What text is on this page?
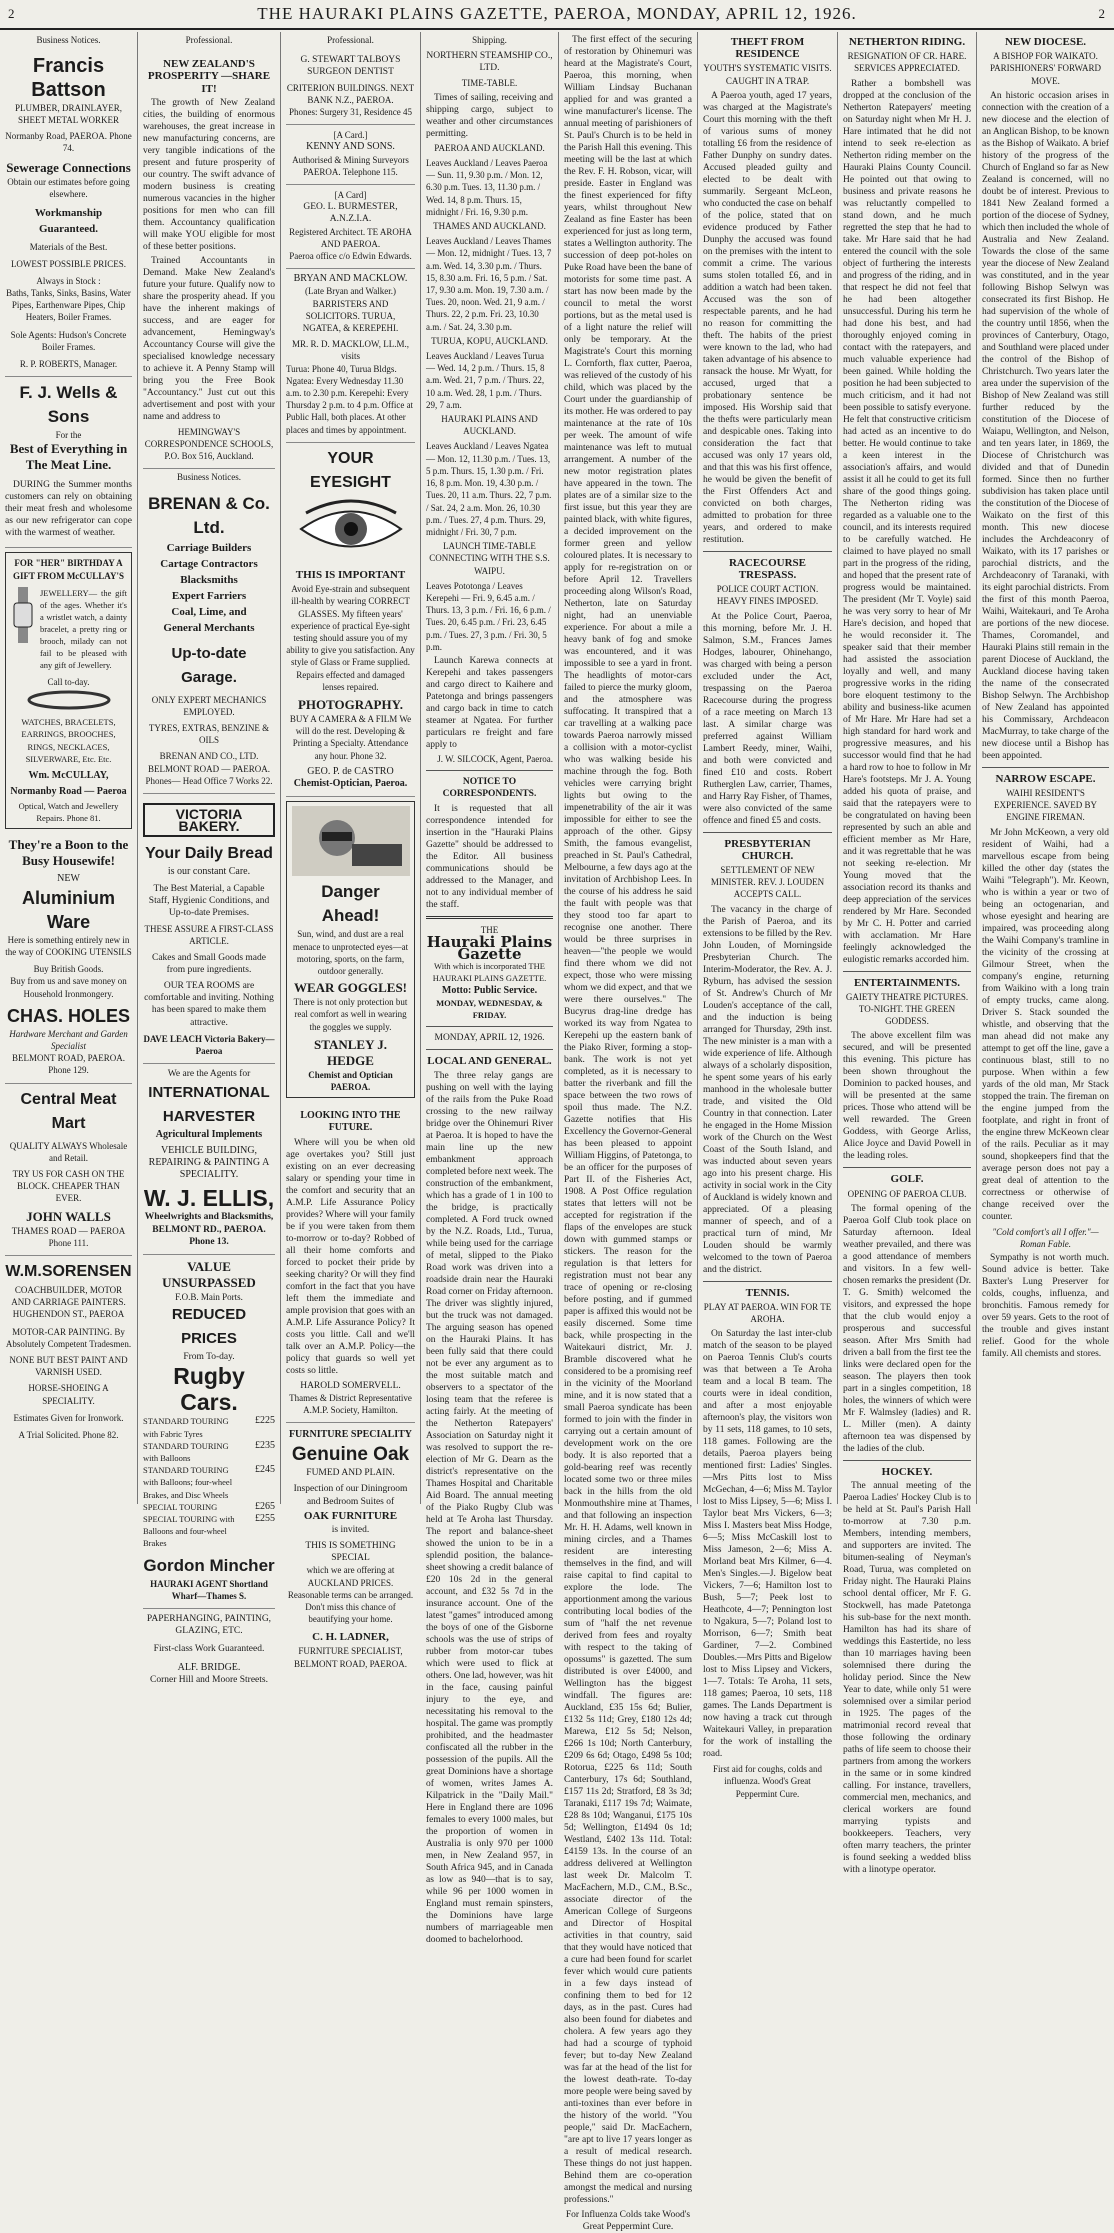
2	THE HAURAKI PLAINS GAZETTE, PAEROA, MONDAY, APRIL 12, 1926.	2
Business Notices.
Francis Battson
PLUMBER, DRAINLAYER, SHEET METAL WORKER
Normanby Road, PAEROA. Phone 74.
Sewerage Connections
Obtain our estimates before going elsewhere.
Workmanship Guaranteed.
Materials of the Best.
LOWEST POSSIBLE PRICES.
Always in Stock :
Baths, Tanks, Sinks, Basins, Water Pipes, Earthenware Pipes, Chip Heaters, Boiler Frames.
Sole Agents: Hudson's Concrete Boiler Frames.
R. P. ROBERTS, Manager.
F. J. Wells & Sons
For the
Best of Everything in The Meat Line.
DURING the Summer months customers can rely on obtaining their meat fresh and wholesome as our new refrigerator can cope with the warmest of weather.
FOR "HER" BIRTHDAY A GIFT FROM McCULLAY'S
JEWELLERY— the gift of the ages. Whether it's a wristlet watch, a dainty bracelet, a pretty ring or brooch, milady can not fail to be pleased with any gift of Jewellery.
Call to-day.
WATCHES, BRACELETS, EARRINGS, BROOCHES, RINGS, NECKLACES, SILVERWARE, Etc. Etc.
Wm. McCULLAY, Normanby Road — Paeroa
Optical, Watch and Jewellery Repairs. Phone 81.
They're a Boon to the Busy Housewife!
NEW
Aluminium Ware
Here is something entirely new in the way of COOKING UTENSILS
Buy British Goods.
Buy from us and save money on Household Ironmongery.
CHAS. HOLES
Hardware Merchant and Garden Specialist
BELMONT ROAD, PAEROA. Phone 129.
Central Meat Mart
QUALITY ALWAYS Wholesale and Retail.
TRY US FOR CASH ON THE BLOCK. CHEAPER THAN EVER.
JOHN WALLS
THAMES ROAD — PAEROA Phone 111.
W.M.SORENSEN
COACHBUILDER, MOTOR AND CARRIAGE PAINTERS. HUGHENDON ST., PAEROA
MOTOR-CAR PAINTING. By Absolutely Competent Tradesmen.
NONE BUT BEST PAINT AND VARNISH USED.
HORSE-SHOEING A SPECIALITY.
Estimates Given for Ironwork.
A Trial Solicited. Phone 82.
Professional.
NEW ZEALAND'S PROSPERITY —SHARE IT!
The growth of New Zealand cities, the building of enormous warehouses, the great increase in new manufacturing concerns, are very tangible indications of the present and future prosperity of our country. The swift advance of modern business is creating numerous vacancies in the higher positions for men who can fill them. Accountancy qualification will make YOU eligible for most of these better positions.
Trained Accountants in Demand. Make New Zealand's future your future. Qualify now to share the prosperity ahead. If you have the inherent makings of success, and are eager for advancement, Hemingway's Accountancy Course will give the specialised knowledge necessary to achieve it. A Penny Stamp will bring you the Free Book "Accountancy." Just cut out this advertisement and post with your name and address to
HEMINGWAY'S CORRESPONDENCE SCHOOLS, P.O. Box 516, Auckland.
Business Notices.
BRENAN & Co. Ltd.
Carriage Builders
Cartage Contractors
Blacksmiths
Expert Farriers
Coal, Lime, and
General Merchants
Up-to-date Garage.
ONLY EXPERT MECHANICS EMPLOYED.
TYRES, EXTRAS, BENZINE & OILS
BRENAN AND CO., LTD. BELMONT ROAD — PAEROA.
Phones— Head Office 7 Works 22.
VICTORIA BAKERY.
Your Daily Bread
is our constant Care.
The Best Material, a Capable Staff, Hygienic Conditions, and Up-to-date Premises.
THESE ASSURE A FIRST-CLASS ARTICLE.
Cakes and Small Goods made from pure ingredients.
OUR TEA ROOMS are comfortable and inviting. Nothing has been spared to make them attractive.
DAVE LEACH Victoria Bakery—Paeroa
We are the Agents for
INTERNATIONAL HARVESTER
Agricultural Implements
VEHICLE BUILDING, REPAIRING & PAINTING A SPECIALITY.
W. J. ELLIS,
Wheelwrights and Blacksmiths,
BELMONT RD., PAEROA. Phone 13.
VALUE UNSURPASSED
F.O.B. Main Ports.
REDUCED PRICES
From To-day.
Rugby Cars.
STANDARD TOURING with Fabric Tyres
£225
STANDARD TOURING with Balloons
£235
STANDARD TOURING with Balloons; four-wheel Brakes, and Disc Wheels
£245
SPECIAL TOURING	£265
SPECIAL TOURING with Balloons and four-wheel Brakes
£255
Gordon Mincher
HAURAKI AGENT Shortland Wharf—Thames S.
PAPERHANGING, PAINTING, GLAZING, ETC.
First-class Work Guaranteed.
ALF. BRIDGE.
Corner Hill and Moore Streets.
Professional.
G. STEWART TALBOYS SURGEON DENTIST
CRITERION BUILDINGS. NEXT BANK N.Z., PAEROA.
Phones: Surgery 31, Residence 45
[A Card.]
KENNY AND SONS.
Authorised & Mining Surveyors PAEROA. Telephone 115.
[A Card]
GEO. L. BURMESTER, A.N.Z.I.A.
Registered Architect. TE AROHA AND PAEROA.
Paeroa office c/o Edwin Edwards.
BRYAN AND MACKLOW.
(Late Bryan and Walker.) BARRISTERS AND SOLICITORS. TURUA, NGATEA, & KEREPEHI.
MR. R. D. MACKLOW, LL.M., visits
Turua: Phone 40, Turua Bldgs. Ngatea: Every Wednesday 11.30 a.m. to 2.30 p.m. Kerepehi: Every Thursday 2 p.m. to 4 p.m. Office at Public Hall, both places. At other places and times by appointment.
YOUR EYESIGHT
THIS IS IMPORTANT
Avoid Eye-strain and subsequent ill-health by wearing CORRECT GLASSES. My fifteen years' experience of practical Eye-sight testing should assure you of my ability to give you satisfaction. Any style of Glass or Frame supplied. Repairs effected and damaged lenses repaired.
PHOTOGRAPHY.
BUY A CAMERA & A FILM We will do the rest. Developing & Printing a Specialty. Attendance any hour. Phone 32.
GEO. P. de CASTRO
Chemist-Optician, Paeroa.
Danger Ahead!
Sun, wind, and dust are a real menace to unprotected eyes—at motoring, sports, on the farm, outdoor generally.
WEAR GOGGLES!
There is not only protection but real comfort as well in wearing the goggles we supply.
STANLEY J. HEDGE
Chemist and Optician PAEROA.
LOOKING INTO THE FUTURE.
Where will you be when old age overtakes you? Still just existing on an ever decreasing salary or spending your time in the comfort and security that an A.M.P. Life Assurance Policy provides? Where will your family be if you were taken from them to-morrow or to-day? Robbed of all their home comforts and forced to pocket their pride by seeking charity? Or will they find comfort in the fact that you have left them the immediate and ample provision that goes with an A.M.P. Life Assurance Policy? It costs you little. Call and we'll talk over an A.M.P. Policy—the policy that guards so well yet costs so little.
HAROLD SOMERVELL.
Thames & District Representative A.M.P. Society, Hamilton.
FURNITURE SPECIALITY
Genuine Oak
FUMED AND PLAIN.
Inspection of our Diningroom and Bedroom Suites of
OAK FURNITURE
is invited.
THIS IS SOMETHING SPECIAL
which we are offering at AUCKLAND PRICES. Reasonable terms can be arranged. Don't miss this chance of beautifying your home.
C. H. LADNER,
FURNITURE SPECIALIST, BELMONT ROAD, PAEROA.
Shipping.
NORTHERN STEAMSHIP CO., LTD.
TIME-TABLE.
Times of sailing, receiving and shipping cargo, subject to weather and other circumstances permitting.
PAEROA AND AUCKLAND.
Leaves Auckland / Leaves Paeroa — Sun. 11, 9.30 p.m. / Mon. 12, 6.30 p.m. Tues. 13, 11.30 p.m. / Wed. 14, 8 p.m. Thurs. 15, midnight / Fri. 16, 9.30 p.m.
THAMES AND AUCKLAND.
Leaves Auckland / Leaves Thames — Mon. 12, midnight / Tues. 13, 7 a.m. Wed. 14, 3.30 p.m. / Thurs. 15, 8.30 a.m. Fri. 16, 5 p.m. / Sat. 17, 9.30 a.m. Mon. 19, 7.30 a.m. / Tues. 20, noon. Wed. 21, 9 a.m. / Thurs. 22, 2 p.m. Fri. 23, 10.30 a.m. / Sat. 24, 3.30 p.m.
TURUA, KOPU, AUCKLAND.
Leaves Auckland / Leaves Turua — Wed. 14, 2 p.m. / Thurs. 15, 8 a.m. Wed. 21, 7 p.m. / Thurs. 22, 10 a.m. Wed. 28, 1 p.m. / Thurs. 29, 7 a.m.
HAURAKI PLAINS AND AUCKLAND.
Leaves Auckland / Leaves Ngatea — Mon. 12, 11.30 p.m. / Tues. 13, 5 p.m. Thurs. 15, 1.30 p.m. / Fri. 16, 8 p.m. Mon. 19, 4.30 p.m. / Tues. 20, 11 a.m. Thurs. 22, 7 p.m. / Sat. 24, 2 a.m. Mon. 26, 10.30 p.m. / Tues. 27, 4 p.m. Thurs. 29, midnight / Fri. 30, 7 p.m.
LAUNCH TIME-TABLE CONNECTING WITH THE S.S. WAIPU.
Leaves Pototonga / Leaves Kerepehi — Fri. 9, 6.45 a.m. / Thurs. 13, 3 p.m. / Fri. 16, 6 p.m. / Tues. 20, 6.45 p.m. / Fri. 23, 6.45 p.m. / Tues. 27, 3 p.m. / Fri. 30, 5 p.m.
Launch Karewa connects at Kerepehi and takes passengers and cargo direct to Kaihere and Patetonga and brings passengers and cargo back in time to catch steamer at Ngatea. For further particulars re freight and fare apply to
J. W. SILCOCK, Agent, Paeroa.
NOTICE TO CORRESPONDENTS.
It is requested that all correspondence intended for insertion in the "Hauraki Plains Gazette" should be addressed to the Editor. All business communications should be addressed to the Manager, and not to any individual member of the staff.
THE
Hauraki Plains Gazette
With which is incorporated THE HAURAKI PLAINS GAZETTE.
Motto: Public Service.
MONDAY, WEDNESDAY, & FRIDAY.
MONDAY, APRIL 12, 1926.
LOCAL AND GENERAL.
The three relay gangs are pushing on well with the laying of the rails from the Puke Road crossing to the new railway bridge over the Ohinemuri River at Paeroa. It is hoped to have the main line up the new embankment approach completed before next week. The construction of the embankment, which has a grade of 1 in 100 to the bridge, is practically completed. A Ford truck owned by the N.Z. Roads, Ltd., Turua, while being used for the carriage of metal, slipped to the Piako Road work was driven into a roadside drain near the Hauraki Road corner on Friday afternoon. The driver was slightly injured, but the truck was not damaged. The arguing season has opened on the Hauraki Plains. It has been fully said that there could not be ever any argument as to the most suitable match and observers to a spectator of the losing team that the referee is acting fairly. At the meeting of the Netherton Ratepayers' Association on Saturday night it was resolved to support the re-election of Mr G. Dearn as the district's representative on the Thames Hospital and Charitable Aid Board. The annual meeting of the Piako Rugby Club was held at Te Aroha last Thursday. The report and balance-sheet showed the union to be in a splendid position, the balance-sheet showing a credit balance of £20 10s 2d in the general account, and £32 5s 7d in the insurance account. One of the latest "games" introduced among the boys of one of the Gisborne schools was the use of strips of rubber from motor-car tubes which were used to flick at others. One lad, however, was hit in the face, causing painful injury to the eye, and necessitating his removal to the hospital. The game was promptly prohibited, and the headmaster confiscated all the rubber in the possession of the pupils. All the great Dominions have a shortage of women, writes James A. Kilpatrick in the "Daily Mail." Here in England there are 1096 females to every 1000 males, but the proportion of women in Australia is only 970 per 1000 men, in New Zealand 957, in South Africa 945, and in Canada as low as 940—that is to say, while 96 per 1000 women in England must remain spinsters, the Dominions have large numbers of marriageable men doomed to bachelorhood.
The first effect of the securing of restoration by Ohinemuri was heard at the Magistrate's Court, Paeroa, this morning, when William Lindsay Buchanan applied for and was granted a wine manufacturer's license. The annual meeting of parishioners of St. Paul's Church is to be held in the Parish Hall this evening. This meeting will be the last at which the Rev. F. H. Robson, vicar, will preside. Easter in England was the finest experienced for fifty years, whilst throughout New Zealand as fine Easter has been experienced for just as long term, states a Wellington authority. The succession of deep pot-holes on Puke Road have been the bane of motorists for some time past. A start has now been made by the council to metal the worst portions, but as the metal used is of a light nature the relief will only be temporary. At the Magistrate's Court this morning L. Cornforth, flax cutter, Paeroa, was relieved of the custody of his child, which was placed by the Court under the guardianship of its mother. He was ordered to pay maintenance at the rate of 10s per week. The amount of wife maintenance was left to mutual arrangement. A number of the new motor registration plates have appeared in the town. The plates are of a similar size to the first issue, but this year they are painted black, with white figures, a decided improvement on the former green and yellow coloured plates. It is necessary to apply for re-registration on or before April 12. Travellers proceeding along Wilson's Road, Netherton, late on Saturday night, had an unenviable experience. For about a mile a heavy bank of fog and smoke was encountered, and it was impossible to see a yard in front. The headlights of motor-cars failed to pierce the murky gloom, and the atmosphere was suffocating. It transpired that a car travelling at a walking pace towards Paeroa narrowly missed a collision with a motor-cyclist who was walking beside his machine through the fog. Both vehicles were carrying bright lights but owing to the impenetrability of the air it was impossible for either to see the approach of the other. Gipsy Smith, the famous evangelist, preached in St. Paul's Cathedral, Melbourne, a few days ago at the invitation of Archbishop Lees. In the course of his address he said the fault with people was that they stood too far apart to recognise one another. There would be three surprises in heaven—"the people we would find there whom we did not expect, those who were missing whom we did expect, and that we were there ourselves." The Bucyrus drag-line dredge has worked its way from Ngatea to Kerepehi up the eastern bank of the Piako River, forming a stop-bank. The work is not yet completed, as it is necessary to batter the riverbank and fill the space between the two rows of spoil thus made. The N.Z. Gazette notifies that His Excellency the Governor-General has been pleased to appoint William Higgins, of Patetonga, to be an officer for the purposes of Part II. of the Fisheries Act, 1908. A Post Office regulation states that letters will not be accepted for registration if the flaps of the envelopes are stuck down with gummed stamps or stickers. The reason for the regulation is that letters for registration must not bear any trace of opening or re-closing before posting, and if gummed paper is affixed this would not be easily discerned. Some time back, while prospecting in the Waitekauri district, Mr. J. Bramble discovered what he considered to be a promising reef in the vicinity of the Moorland mine, and it is now stated that a small Paeroa syndicate has been formed to join with the finder in carrying out a certain amount of development work on the ore body. It is also reported that a gold-bearing reef was recently located some two or three miles back in the hills from the old Monmouthshire mine at Thames, and that following an inspection Mr. H. H. Adams, well known in mining circles, and a Thames resident are interesting themselves in the find, and will raise capital to find capital to explore the lode. The apportionment among the various contributing local bodies of the sum of "half the net revenue derived from fees and royalty with respect to the taking of opossums" is gazetted. The sum distributed is over £4000, and Wellington has the biggest windfall. The figures are: Auckland, £35 15s 6d; Bulier, £132 5s 11d; Grey, £180 12s 4d; Marewa, £12 5s 5d; Nelson, £266 1s 10d; North Canterbury, £209 6s 6d; Otago, £498 5s 10d; Rotorua, £225 6s 11d; South Canterbury, 17s 6d; Southland, £157 11s 2d; Stratford, £8 3s 3d; Taranaki, £117 19s 7d; Waimate, £28 8s 10d; Wanganui, £175 10s 5d; Wellington, £1494 0s 1d; Westland, £402 13s 11d. Total: £4159 13s. In the course of an address delivered at Wellington last week Dr. Malcolm T. MacEachern, M.D., C.M., B.Sc., associate director of the American College of Surgeons and Director of Hospital activities in that country, said that they would have noticed that a cure had been found for scarlet fever which would cure patients in a few days instead of confining them to bed for 12 days, as in the past. Cures had also been found for diabetes and cholera. A few years ago they had had a scourge of typhoid fever; but to-day New Zealand was far at the head of the list for the lowest death-rate. To-day more people were being saved by anti-toxines than ever before in the history of the world. "You people," said Dr. MacEachern, "are apt to live 17 years longer as a result of medical research. These things do not just happen. Behind them are co-operation amongst the medical and nursing professions."
For Influenza Colds take Wood's Great Peppermint Cure.
THEFT FROM RESIDENCE
YOUTH'S SYSTEMATIC VISITS. CAUGHT IN A TRAP.
A Paeroa youth, aged 17 years, was charged at the Magistrate's Court this morning with the theft of various sums of money totalling £6 from the residence of Father Dunphy on sundry dates. Accused pleaded guilty and elected to be dealt with summarily. Sergeant McLeon, who conducted the case on behalf of the police, stated that on evidence produced by Father Dunphy the accused was found on the premises with the intent to commit a crime. The various sums stolen totalled £6, and in addition a watch had been taken. Accused was the son of respectable parents, and he had no reason for committing the theft. The habits of the priest were known to the lad, who had taken advantage of his absence to ransack the house. Mr Wyatt, for accused, urged that a probationary sentence be imposed. His Worship said that the thefts were particularly mean and despicable ones. Taking into consideration the fact that accused was only 17 years old, and that this was his first offence, he would be given the benefit of the First Offenders Act and convicted on both charges, admitted to probation for three years, and ordered to make restitution.
RACECOURSE TRESPASS.
POLICE COURT ACTION. HEAVY FINES IMPOSED.
At the Police Court, Paeroa, this morning, before Mr. J. H. Salmon, S.M., Frances James Hodges, labourer, Ohinehango, was charged with being a person excluded under the Act, trespassing on the Paeroa Racecourse during the progress of a race meeting on March 13 last. A similar charge was preferred against William Lambert Reedy, miner, Waihi, and both were convicted and fined £10 and costs. Robert Rutherglen Law, carrier, Thames, and Harry Ray Fisher, of Thames, were also convicted of the same offence and fined £5 and costs.
PRESBYTERIAN CHURCH.
SETTLEMENT OF NEW MINISTER. REV. J. LOUDEN ACCEPTS CALL.
The vacancy in the charge of the Parish of Paeroa, and its extensions to be filled by the Rev. John Louden, of Morningside Presbyterian Church. The Interim-Moderator, the Rev. A. J. Ryburn, has advised the session of St. Andrew's Church of Mr Louden's acceptance of the call, and the induction is being arranged for Thursday, 29th inst. The new minister is a man with a wide experience of life. Although always of a scholarly disposition, he spent some years of his early manhood in the wholesale butter trade, and visited the Old Country in that connection. Later he engaged in the Home Mission work of the Church on the West Coast of the South Island, and was inducted about seven years ago into his present charge. His activity in social work in the City of Auckland is widely known and appreciated. Of a pleasing manner of speech, and of a practical turn of mind, Mr Louden should be warmly welcomed to the town of Paeroa and the district.
TENNIS.
PLAY AT PAEROA. WIN FOR TE AROHA.
On Saturday the last inter-club match of the season to be played on Paeroa Tennis Club's courts was that between a Te Aroha team and a local B team. The courts were in ideal condition, and after a most enjoyable afternoon's play, the visitors won by 11 sets, 118 games, to 10 sets, 118 games. Following are the details, Paeroa players being mentioned first: Ladies' Singles.—Mrs Pitts lost to Miss McGechan, 4—6; Miss M. Taylor lost to Miss Lipsey, 5—6; Miss I. Taylor beat Mrs Vickers, 6—3; Miss I. Masters beat Miss Hodge, 6—5; Miss McCaskill lost to Miss Jameson, 2—6; Miss A. Morland beat Mrs Kilmer, 6—4. Men's Singles.—J. Bigelow beat Vickers, 7—6; Hamilton lost to Bush, 5—7; Peek lost to Heathcote, 4—7; Pennington lost to Ngakura, 5—7; Poland lost to Morrison, 6—7; Smith beat Gardiner, 7—2. Combined Doubles.—Mrs Pitts and Bigelow lost to Miss Lipsey and Vickers, 1—7. Totals: Te Aroha, 11 sets, 118 games; Paeroa, 10 sets, 118 games. The Lands Department is now having a track cut through Waitekauri Valley, in preparation for the work of installing the road.
First aid for coughs, colds and influenza. Wood's Great Peppermint Cure.
NETHERTON RIDING.
RESIGNATION OF CR. HARE. SERVICES APPRECIATED.
Rather a bombshell was dropped at the conclusion of the Netherton Ratepayers' meeting on Saturday night when Mr H. J. Hare intimated that he did not intend to seek re-election as Netherton riding member on the Hauraki Plains County Council. He pointed out that owing to business and private reasons he was reluctantly compelled to stand down, and he much regretted the step that he had to take. Mr Hare said that he had entered the council with the sole object of furthering the interests and progress of the riding, and in that respect he did not feel that he had been altogether unsuccessful. During his term he had done his best, and had thoroughly enjoyed coming in contact with the ratepayers, and much valuable experience had been gained. While holding the position he had been subjected to much criticism, and it had not been possible to satisfy everyone. He felt that constructive criticism had acted as an incentive to do better. He would continue to take a keen interest in the association's affairs, and would assist it all he could to get its full share of the good things going. The Netherton riding was regarded as a valuable one to the council, and its interests required to be carefully watched. He claimed to have played no small part in the progress of the riding, and hoped that the present rate of progress would be maintained. The president (Mr T. Voyle) said he was very sorry to hear of Mr Hare's decision, and hoped that he would reconsider it. The speaker said that their member had assisted the association loyally and well, and many progressive works in the riding bore eloquent testimony to the ability and business-like acumen of Mr Hare. Mr Hare had set a high standard for hard work and progressive measures, and his successor would find that he had a hard row to hoe to follow in Mr Hare's footsteps. Mr J. A. Young added his quota of praise, and said that the ratepayers were to be congratulated on having been represented by such an able and efficient member as Mr Hare, and it was regrettable that he was not seeking re-election. Mr Young moved that the association record its thanks and deep appreciation of the services rendered by Mr Hare. Seconded by Mr C. H. Potter and carried with acclamation. Mr Hare feelingly acknowledged the eulogistic remarks accorded him.
ENTERTAINMENTS.
GAIETY THEATRE PICTURES. TO-NIGHT. THE GREEN GODDESS.
The above excellent film was secured, and will be presented this evening. This picture has been shown throughout the Dominion to packed houses, and will be presented at the same prices. Those who attend will be well rewarded. The Green Goddess, with George Arliss, Alice Joyce and David Powell in the leading roles.
GOLF.
OPENING OF PAEROA CLUB.
The formal opening of the Paeroa Golf Club took place on Saturday afternoon. Ideal weather prevailed, and there was a good attendance of members and visitors. In a few well-chosen remarks the president (Dr. T. G. Smith) welcomed the visitors, and expressed the hope that the club would enjoy a prosperous and successful season. After Mrs Smith had driven a ball from the first tee the links were declared open for the season. The players then took part in a singles competition, 18 holes, the winners of which were Mr F. Walmsley (ladies) and R. L. Miller (men). A dainty afternoon tea was dispensed by the ladies of the club.
HOCKEY.
The annual meeting of the Paeroa Ladies' Hockey Club is to be held at St. Paul's Parish Hall to-morrow at 7.30 p.m. Members, intending members, and supporters are invited. The bitumen-sealing of Neyman's Road, Turua, was completed on Friday night. The Hauraki Plains school dental officer, Mr F. G. Stockwell, has made Patetonga his sub-base for the next month. Hamilton has had its share of weddings this Eastertide, no less than 10 marriages having been solemnised there during the holiday period. Since the New Year to date, while only 51 were solemnised over a similar period in 1925. The pages of the matrimonial record reveal that those following the ordinary paths of life seem to choose their partners from among the workers in the same or in some kindred calling. For instance, travellers, commercial men, mechanics, and clerical workers are found marrying typists and bookkeepers. Teachers, very often marry teachers, the printer is found seeking a wedded bliss with a linotype operator.
NEW DIOCESE.
A BISHOP FOR WAIKATO. PARISHIONERS' FORWARD MOVE.
An historic occasion arises in connection with the creation of a new diocese and the election of an Anglican Bishop, to be known as the Bishop of Waikato. A brief history of the progress of the Church of England so far as New Zealand is concerned, will no doubt be of interest. Previous to 1841 New Zealand formed a portion of the diocese of Sydney, which then included the whole of Australia and New Zealand. Towards the close of the same year the diocese of New Zealand was constituted, and in the year following Bishop Selwyn was consecrated its first Bishop. He had supervision of the whole of the country until 1856, when the provinces of Canterbury, Otago, and Southland were placed under the control of the Bishop of Christchurch. Two years later the area under the supervision of the Bishop of New Zealand was still further reduced by the constitution of the Diocese of Waiapu, Wellington, and Nelson, and ten years later, in 1869, the Diocese of Christchurch was divided and that of Dunedin formed. Since then no further subdivision has taken place until the constitution of the Diocese of Waikato on the first of this month. This new diocese includes the Archdeaconry of Waikato, with its 17 parishes or parochial districts, and the Archdeaconry of Taranaki, with its eight parochial districts. From the first of this month Paeroa, Waihi, Waitekauri, and Te Aroha are portions of the new diocese. Thames, Coromandel, and Hauraki Plains still remain in the parent Diocese of Auckland, the Auckland diocese having taken the name of the consecrated Bishop Selwyn. The Archbishop of New Zealand has appointed his Commissary, Archdeacon MacMurray, to take charge of the new diocese until a Bishop has been appointed.
NARROW ESCAPE.
WAIHI RESIDENT'S EXPERIENCE. SAVED BY ENGINE FIREMAN.
Mr John McKeown, a very old resident of Waihi, had a marvellous escape from being killed the other day (states the Waihi "Telegraph"). Mr. Keown, who is within a year or two of being an octogenarian, and whose eyesight and hearing are impaired, was proceeding along the Waihi Company's tramline in the vicinity of the crossing at Gilmour Street, when the company's engine, returning from Waikino with a long train of empty trucks, came along. Driver S. Stack sounded the whistle, and observing that the man ahead did not make any attempt to get off the line, gave a continuous blast, still to no purpose. When within a few yards of the old man, Mr Stack stopped the train. The fireman on the engine jumped from the footplate, and right in front of the engine threw McKeown clear of the rails. Peculiar as it may sound, shopkeepers find that the average person does not pay a great deal of attention to the correctness or otherwise of change received over the counter.
"Cold comfort's all I offer."—Roman Fable.
Sympathy is not worth much. Sound advice is better. Take Baxter's Lung Preserver for colds, coughs, influenza, and bronchitis. Famous remedy for over 59 years. Gets to the root of the trouble and gives instant relief. Good for the whole family. All chemists and stores.
